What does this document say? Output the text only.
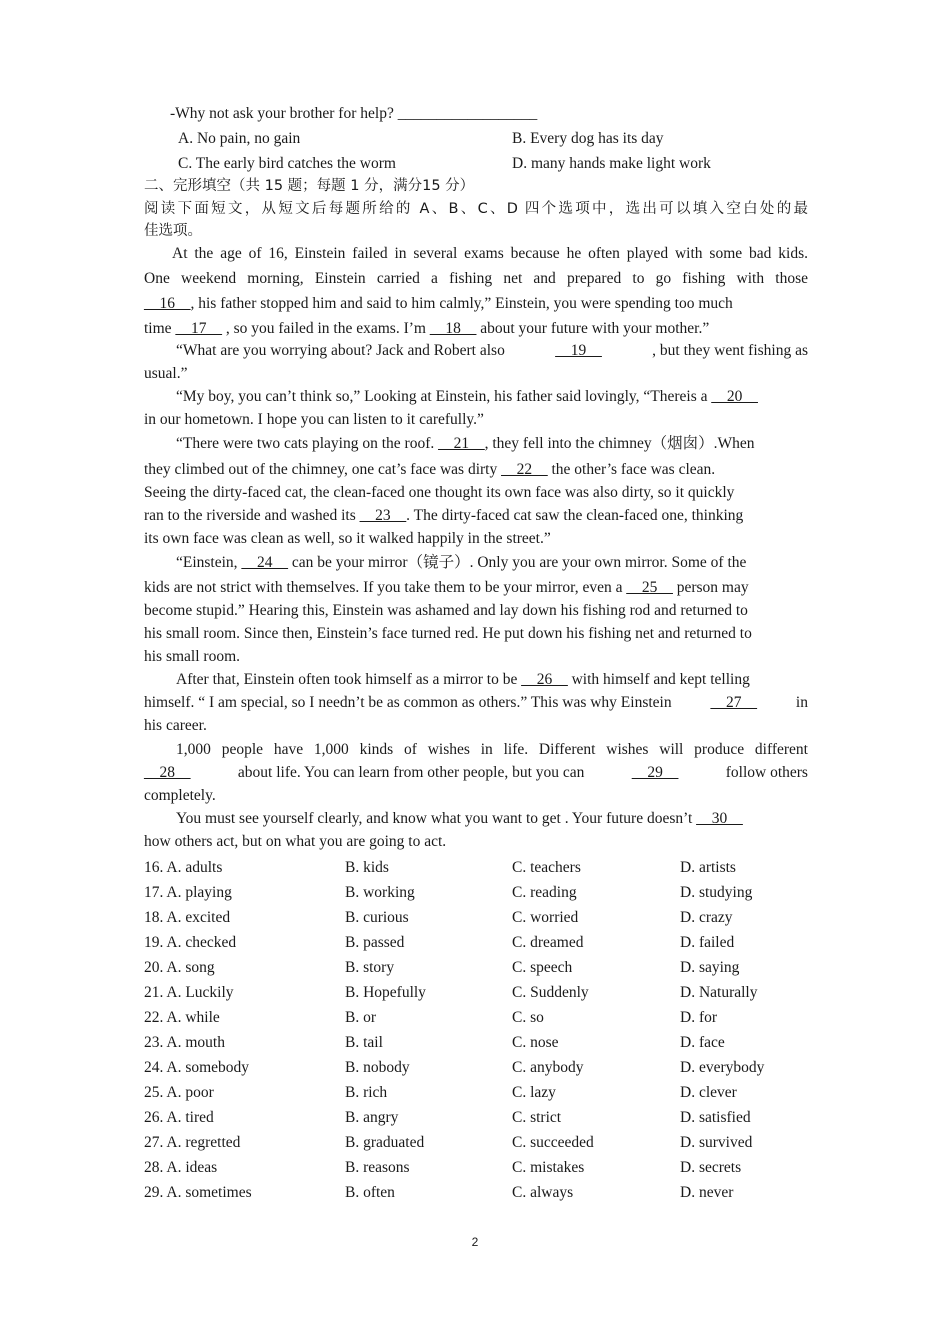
-Why not ask your brother for help? __________________
A. No pain, no gain	B. Every dog has its day
C. The early bird catches the worm	D. many hands make light work
二、完形填空（共 15 题；每题 1 分，满分15 分）
阅读下面短文，从短文后每题所给的 A、B、C、D 四个选项中，选出可以填入空白处的最
佳选项。
At the age of 16, Einstein failed in several exams because he often played with some bad kids.
One weekend morning, Einstein carried a fishing net and prepared to go fishing with those
__16__, his father stopped him and said to him calmly,” Einstein, you were spending too much
time __17__ , so you failed in the exams. I’m __18__ about your future with your mother.”
“What are you worrying about? Jack and Robert also	__19__	, but they went fishing as
usual.”
“My boy, you can’t think so,” Looking at Einstein, his father said lovingly, “Thereis a __20__
in our hometown. I hope you can listen to it carefully.”
“There were two cats playing on the roof. __21__, they fell into the chimney（烟囱）.When
they climbed out of the chimney, one cat’s face was dirty __22__ the other’s face was clean.
Seeing the dirty-faced cat, the clean-faced one thought its own face was also dirty, so it quickly
ran to the riverside and washed its __23__. The dirty-faced cat saw the clean-faced one, thinking
its own face was clean as well, so it walked happily in the street.”
“Einstein, __24__ can be your mirror（镜子）. Only you are your own mirror. Some of the
kids are not strict with themselves. If you take them to be your mirror, even a __25__ person may
become stupid.” Hearing this, Einstein was ashamed and lay down his fishing rod and returned to
his small room. Since then, Einstein’s face turned red. He put down his fishing net and returned to
his small room.
After that, Einstein often took himself as a mirror to be __26__ with himself and kept telling
himself. “ I am special, so I needn’t be as common as others.” This was why Einstein	__27__	in
his career.
1,000 people have 1,000 kinds of wishes in life. Different wishes will produce different
__28__	about life. You can learn from other people, but you can	__29__	follow others
completely.
You must see yourself clearly, and know what you want to get . Your future doesn’t __30__
how others act, but on what you are going to act.
16. A. adults	B. kids	C. teachers	D. artists
17. A. playing	B. working	C. reading	D. studying
18. A. excited	B. curious	C. worried	D. crazy
19. A. checked	B. passed	C. dreamed	D. failed
20. A. song	B. story	C. speech	D. saying
21. A. Luckily	B. Hopefully	C. Suddenly	D. Naturally
22. A. while	B. or	C. so	D. for
23. A. mouth	B. tail	C. nose	D. face
24. A. somebody	B. nobody	C. anybody	D. everybody
25. A. poor	B. rich	C. lazy	D. clever
26. A. tired	B. angry	C. strict	D. satisfied
27. A. regretted	B. graduated	C. succeeded	D. survived
28. A. ideas	B. reasons	C. mistakes	D. secrets
29. A. sometimes	B. often	C. always	D. never
2
